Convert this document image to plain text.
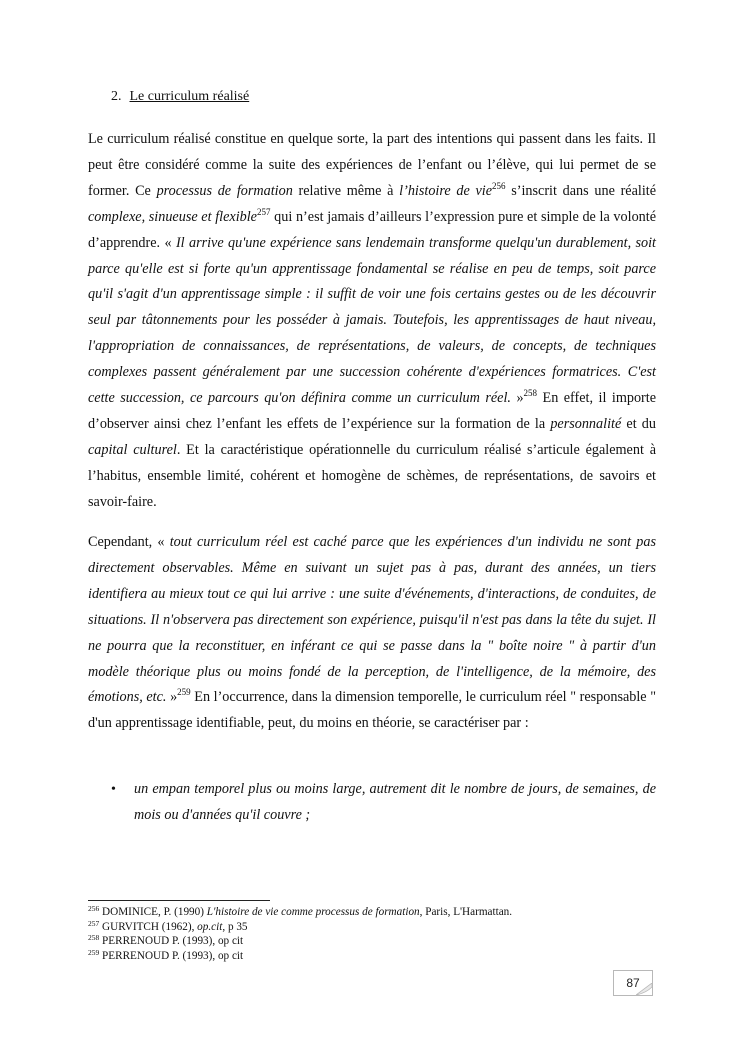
2. Le curriculum réalisé

Le curriculum réalisé constitue en quelque sorte, la part des intentions qui passent dans les faits. Il peut être considéré comme la suite des expériences de l’enfant ou l’élève, qui lui permet de se former. Ce processus de formation relative même à l’histoire de vie$^{256}$ s’inscrit dans une réalité complexe, sinueuse et flexible$^{257}$ qui n’est jamais d’ailleurs l’expression pure et simple de la volonté d’apprendre. « Il arrive qu'une expérience sans lendemain transforme quelqu'un durablement, soit parce qu'elle est si forte qu'un apprentissage fondamental se réalise en peu de temps, soit parce qu'il s'agit d'un apprentissage simple : il suffit de voir une fois certains gestes ou de les découvrir seul par tâtonnements pour les posséder à jamais. Toutefois, les apprentissages de haut niveau, l'appropriation de connaissances, de représentations, de valeurs, de concepts, de techniques complexes passent généralement par une succession cohérente d'expériences formatrices. C'est cette succession, ce parcours qu'on définira comme un curriculum réel. »$^{258}$ En effet, il importe d’observer ainsi chez l’enfant les effets de l’expérience sur la formation de la personnalité et du capital culturel. Et la caractéristique opérationnelle du curriculum réalisé s’articule également à l’habitus, ensemble limité, cohérent et homogène de schèmes, de représentations, de savoirs et savoir-faire.

Cependant, « tout curriculum réel est caché parce que les expériences d'un individu ne sont pas directement observables. Même en suivant un sujet pas à pas, durant des années, un tiers identifiera au mieux tout ce qui lui arrive : une suite d'événements, d'interactions, de conduites, de situations. Il n'observera pas directement son expérience, puisqu'il n'est pas dans la tête du sujet. Il ne pourra que la reconstituer, en inférant ce qui se passe dans la " boîte noire " à partir d'un modèle théorique plus ou moins fondé de la perception, de l'intelligence, de la mémoire, des émotions, etc. »$^{259}$ En l’occurrence, dans la dimension temporelle, le curriculum réel " responsable " d'un apprentissage identifiable, peut, du moins en théorie, se caractériser par :

• un empan temporel plus ou moins large, autrement dit le nombre de jours, de semaines, de mois ou d'années qu'il couvre ;

$^{256}$ DOMINICE, P. (1990) L'histoire de vie comme processus de formation, Paris, L'Harmattan.
$^{257}$ GURVITCH (1962), op.cit, p 35
$^{258}$ PERRENOUD P. (1993), op cit
$^{259}$ PERRENOUD P. (1993), op cit
87
